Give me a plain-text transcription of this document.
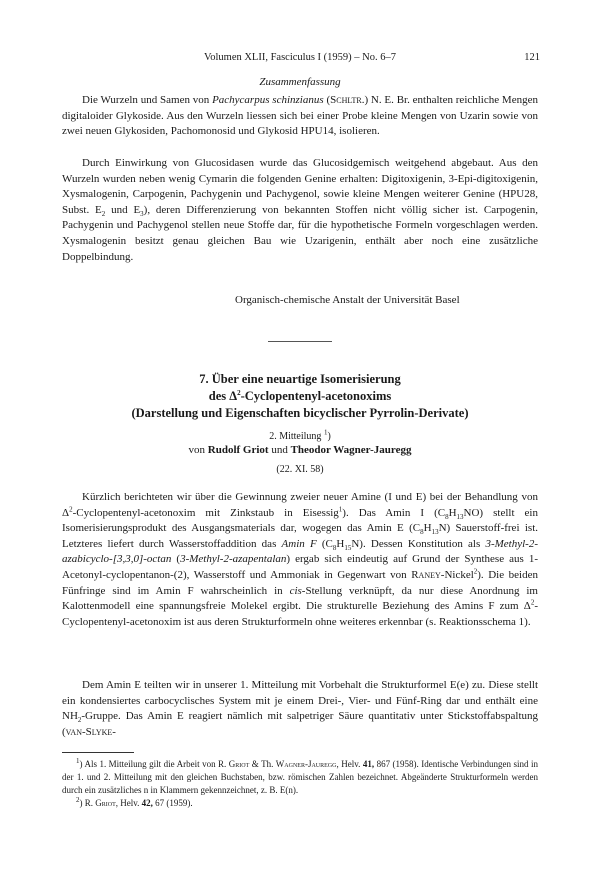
Volumen XLII, Fasciculus I (1959) – No. 6–7	121
Zusammenfassung

Die Wurzeln und Samen von Pachycarpus schinzianus (Schltr.) N. E. Br. enthalten reichliche Mengen digitaloider Glykoside. Aus den Wurzeln liessen sich bei einer Probe kleine Mengen von Uzarin sowie von zwei neuen Glykosiden, Pachomonosid und Glykosid HPU14, isolieren.

Durch Einwirkung von Glucosidasen wurde das Glucosidgemisch weitgehend abgebaut. Aus den Wurzeln wurden neben wenig Cymarin die folgenden Genine erhalten: Digitoxigenin, 3-Epi-digitoxigenin, Xysmalogenin, Carpogenin, Pachygenin und Pachygenol, sowie kleine Mengen weiterer Genine (HPU28, Subst. $E_2$ und $E_3$), deren Differenzierung von bekannten Stoffen nicht völlig sicher ist. Carpogenin, Pachygenin und Pachygenol stellen neue Stoffe dar, für die hypothetische Formeln vorgeschlagen werden. Xysmalogenin besitzt genau gleichen Bau wie Uzarigenin, enthält aber noch eine zusätzliche Doppelbindung.

Organisch-chemische Anstalt der Universität Basel
7. Über eine neuartige Isomerisierung
des $\Delta^2-Cyclopentenyl$-acetonoxims
(Darstellung und Eigenschaften bicyclischer Pyrrolin-Derivate)
2. Mitteilung $^1$)
von Rudolf Griot und Theodor Wagner-Jauregg
(22. XI. 58)

Kürzlich berichteten wir über die Gewinnung zweier neuer Amine (I und E) bei der Behandlung von $\Delta^2-Cyclopentenyl$-acetonoxim mit Zinkstaub in Eisessig$^1$). Das Amin I $(C_8H_{13}NO)$ stellt ein Isomerisierungsprodukt des Ausgangsmaterials dar, wogegen das Amin E $(C_8H_{13}N)$ Sauerstoff-frei ist. Letzteres liefert durch Wasserstoffaddition das Amin F $(C_8H_{15}N)$. Dessen Konstitution als 3-Methyl-2-azabicyclo-[3,3,0]-octan (3-Methyl-2-azapentalan) ergab sich eindeutig auf Grund der Synthese aus 1-Acetonyl-cyclopentanon-(2), Wasserstoff und Ammoniak in Gegenwart von Raney-Nickel$^2$). Die beiden Fünfringe sind im Amin F wahrscheinlich in cis-Stellung verknüpft, da nur diese Anordnung im Kalottenmodell eine spannungsfreie Molekel ergibt. Die strukturelle Beziehung des Amins F zum $\Delta^2-Cyclopentenyl$-acetonoxim ist aus deren Strukturformeln ohne weiteres erkennbar (s. Reaktionsschema 1).

Dem Amin E teilten wir in unserer 1. Mitteilung mit Vorbehalt die Strukturformel E(e) zu. Diese stellt ein kondensiertes carbocyclisches System mit je einem Drei-, Vier- und Fünf-Ring dar und enthält eine $NH_2$-Gruppe. Das Amin E reagiert nämlich mit salpetriger Säure quantitativ unter Stickstoffabspaltung (van-Slyke-

$^1$) Als 1. Mitteilung gilt die Arbeit von R. Griot & Th. Wagner-Jauregg, Helv. 41, 867 (1958). Identische Verbindungen sind in der 1. und 2. Mitteilung mit den gleichen Buchstaben, bzw. römischen Zahlen bezeichnet. Abgeänderte Strukturformeln werden durch ein zusätzliches n in Klammern gekennzeichnet, z. B. E(n).

$^2$) R. Griot, Helv. 42, 67 (1959).
